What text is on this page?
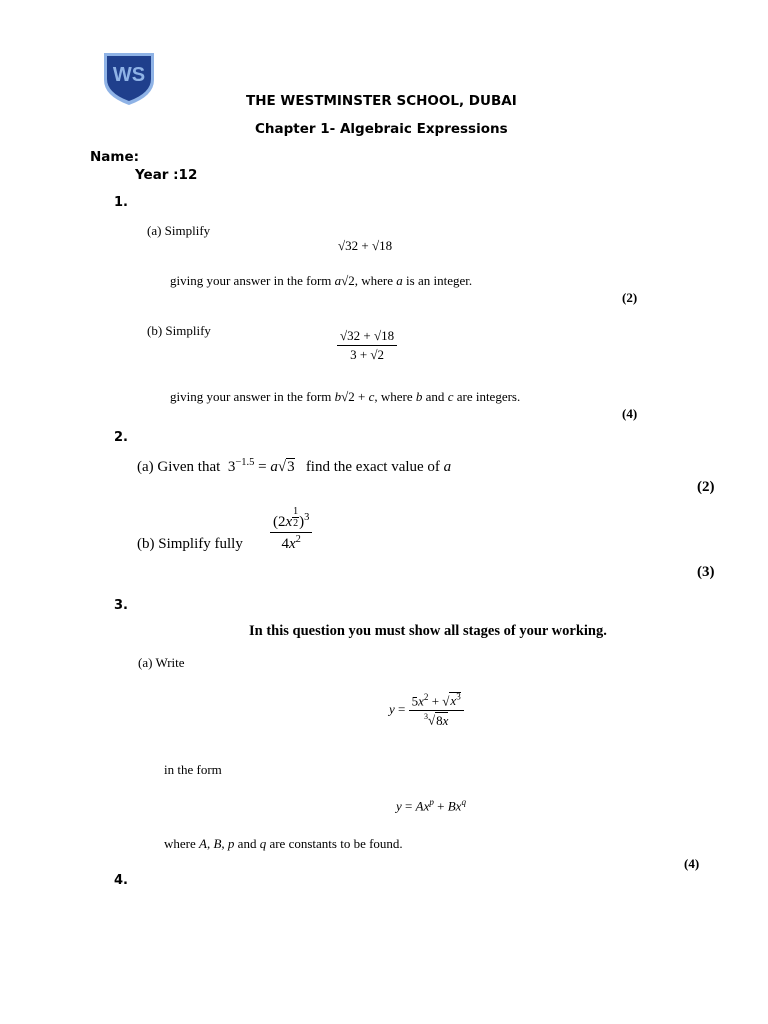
WS
THE WESTMINSTER SCHOOL, DUBAI
Chapter 1- Algebraic Expressions
Name:
Year :12
1.
(a) Simplify
√32 + √18
giving your answer in the form a√2, where a is an integer.
(2)
(b) Simplify	$\frac{√32 + √18}{3 + √2}$
giving your answer in the form b√2 + c, where b and c are integers.
(4)
2.
(a) Given that  $3^{-1.5} = a√3$   find the exact value of a
(2)
(b) Simplify fully (2x $^{\frac{1}{2}}$ )$^3$
$4x^2$
(3)
3.
In this question you must show all stages of your working.
(a) Write
$y = \frac{5x^2 + √x^3}{^3√8x}$
in the form
$y = Ax^p + Bx^q$
where A, B, p and q are constants to be found.
(4)
4.
